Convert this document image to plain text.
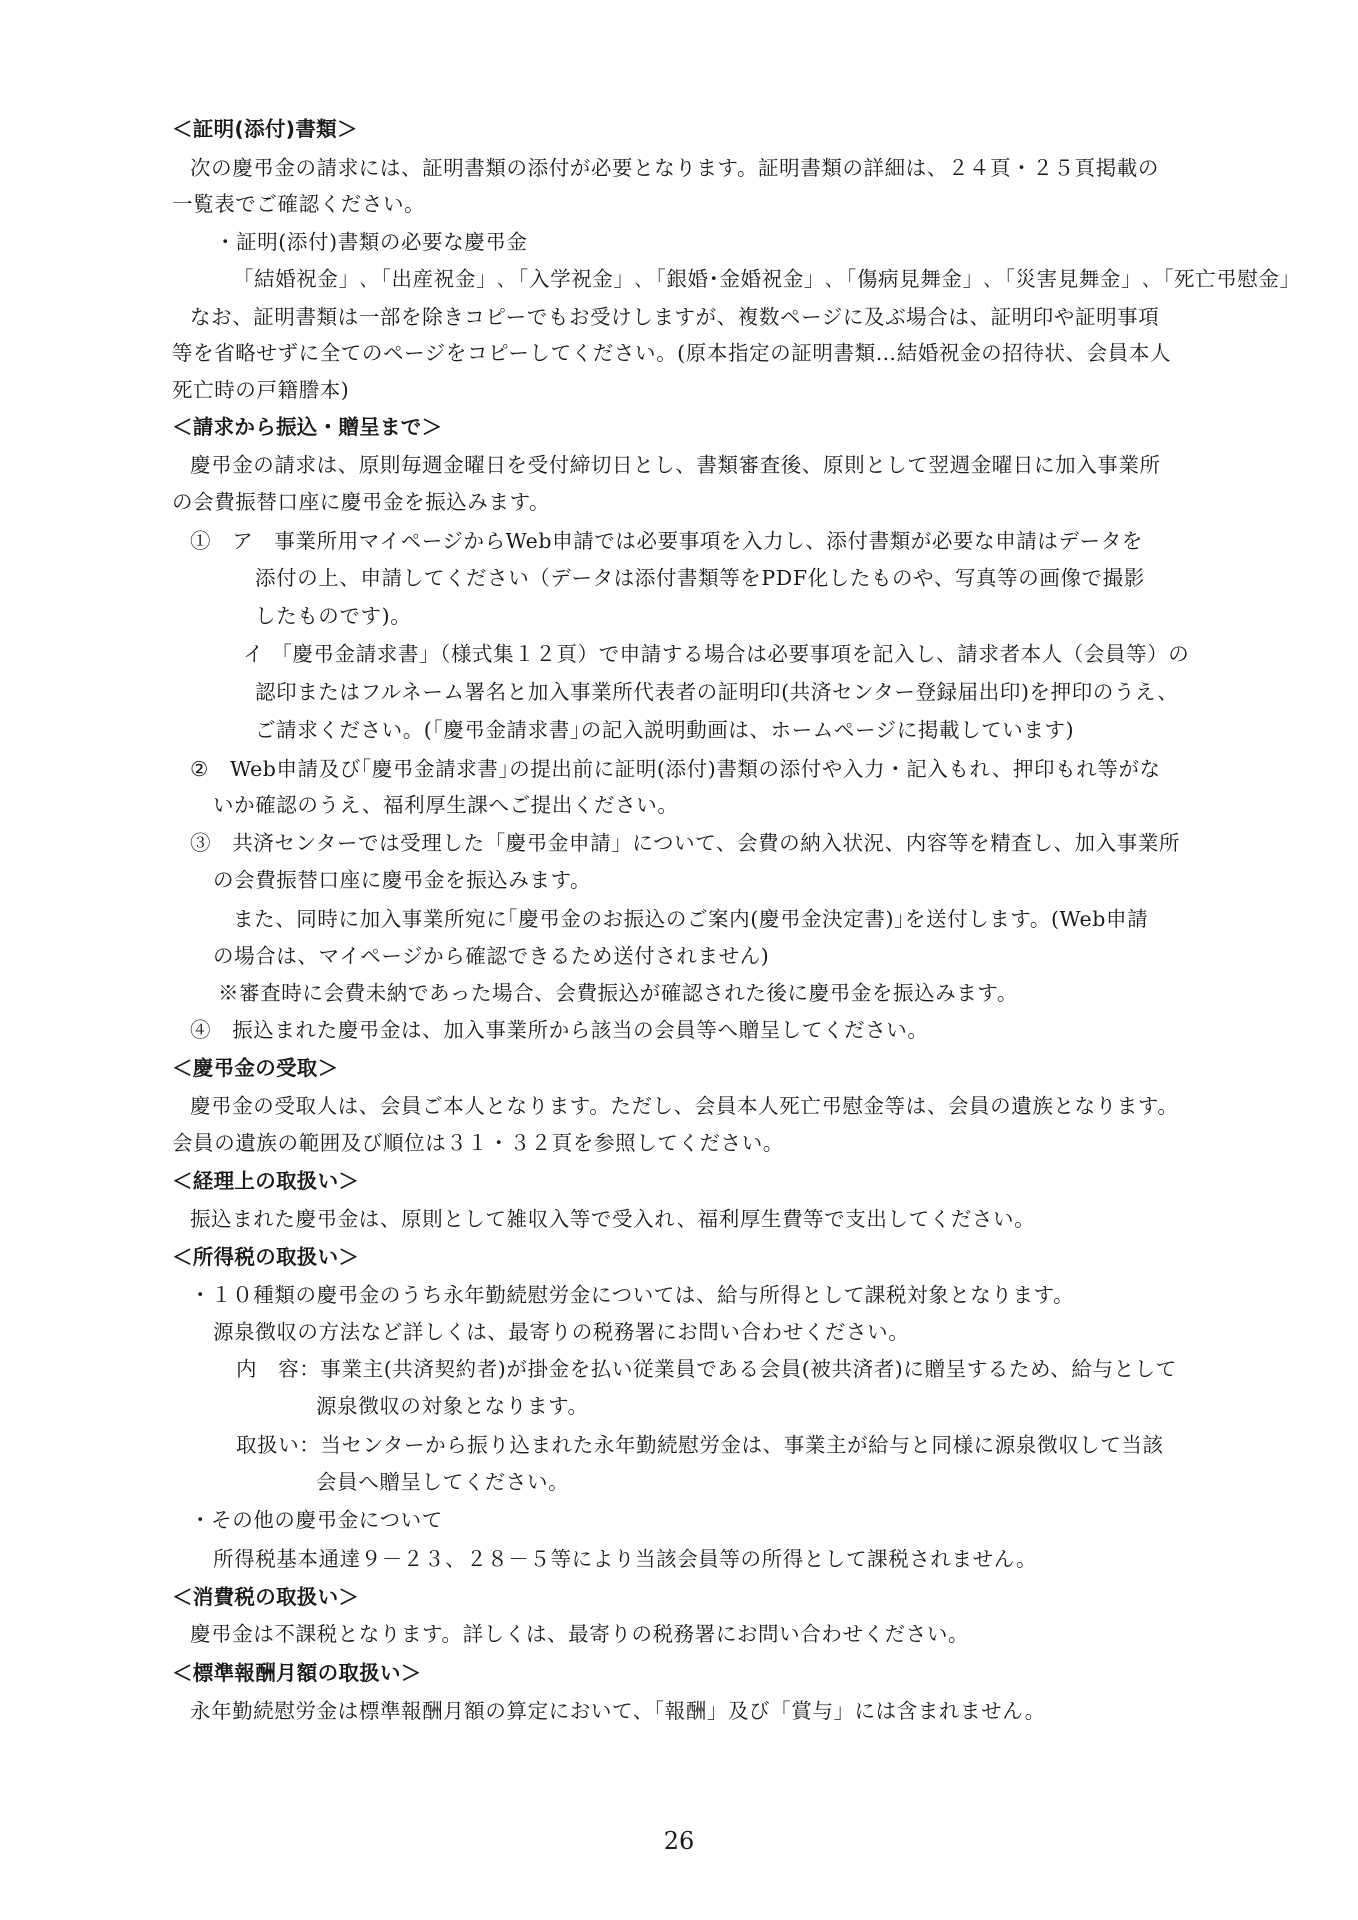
＜証明(添付)書類＞
次の慶弔金の請求には、証明書類の添付が必要となります。証明書類の詳細は、２４頁・２５頁掲載の
一覧表でご確認ください。
・証明(添付)書類の必要な慶弔金
「結婚祝金」､「出産祝金」､「入学祝金」､「銀婚･金婚祝金」､「傷病見舞金」､「災害見舞金」､「死亡弔慰金」
なお、証明書類は一部を除きコピーでもお受けしますが、複数ページに及ぶ場合は、証明印や証明事項
等を省略せずに全てのページをコピーしてください。(原本指定の証明書類…結婚祝金の招待状、会員本人
死亡時の戸籍謄本)
＜請求から振込・贈呈まで＞
慶弔金の請求は、原則毎週金曜日を受付締切日とし、書類審査後、原則として翌週金曜日に加入事業所
の会費振替口座に慶弔金を振込みます。
①　ア　事業所用マイページからWeb申請では必要事項を入力し、添付書類が必要な申請はデータを
添付の上、申請してください（データは添付書類等をPDF化したものや、写真等の画像で撮影
したものです)。
イ 「慶弔金請求書」（様式集１２頁）で申請する場合は必要事項を記入し、請求者本人（会員等）の
認印またはフルネーム署名と加入事業所代表者の証明印(共済センター登録届出印)を押印のうえ、
ご請求ください。(｢慶弔金請求書｣の記入説明動画は、ホームページに掲載しています)
②　Web申請及び｢慶弔金請求書｣の提出前に証明(添付)書類の添付や入力・記入もれ、押印もれ等がな
いか確認のうえ、福利厚生課へご提出ください。
③　共済センターでは受理した「慶弔金申請」について、会費の納入状況、内容等を精査し、加入事業所
の会費振替口座に慶弔金を振込みます。
また、同時に加入事業所宛に｢慶弔金のお振込のご案内(慶弔金決定書)｣を送付します。(Web申請
の場合は、マイページから確認できるため送付されません)
※審査時に会費未納であった場合、会費振込が確認された後に慶弔金を振込みます。
④　振込まれた慶弔金は、加入事業所から該当の会員等へ贈呈してください。
＜慶弔金の受取＞
慶弔金の受取人は、会員ご本人となります。ただし、会員本人死亡弔慰金等は、会員の遺族となります。
会員の遺族の範囲及び順位は３１・３２頁を参照してください。
＜経理上の取扱い＞
振込まれた慶弔金は、原則として雑収入等で受入れ、福利厚生費等で支出してください。
＜所得税の取扱い＞
・１０種類の慶弔金のうち永年勤続慰労金については、給与所得として課税対象となります。
源泉徴収の方法など詳しくは、最寄りの税務署にお問い合わせください。
内　容：事業主(共済契約者)が掛金を払い従業員である会員(被共済者)に贈呈するため、給与として
源泉徴収の対象となります。
取扱い：当センターから振り込まれた永年勤続慰労金は、事業主が給与と同様に源泉徴収して当該
会員へ贈呈してください。
・その他の慶弔金について
所得税基本通達９－２３、２８－５等により当該会員等の所得として課税されません。
＜消費税の取扱い＞
慶弔金は不課税となります。詳しくは、最寄りの税務署にお問い合わせください。
＜標準報酬月額の取扱い＞
永年勤続慰労金は標準報酬月額の算定において、「報酬」及び「賞与」には含まれません。
26
